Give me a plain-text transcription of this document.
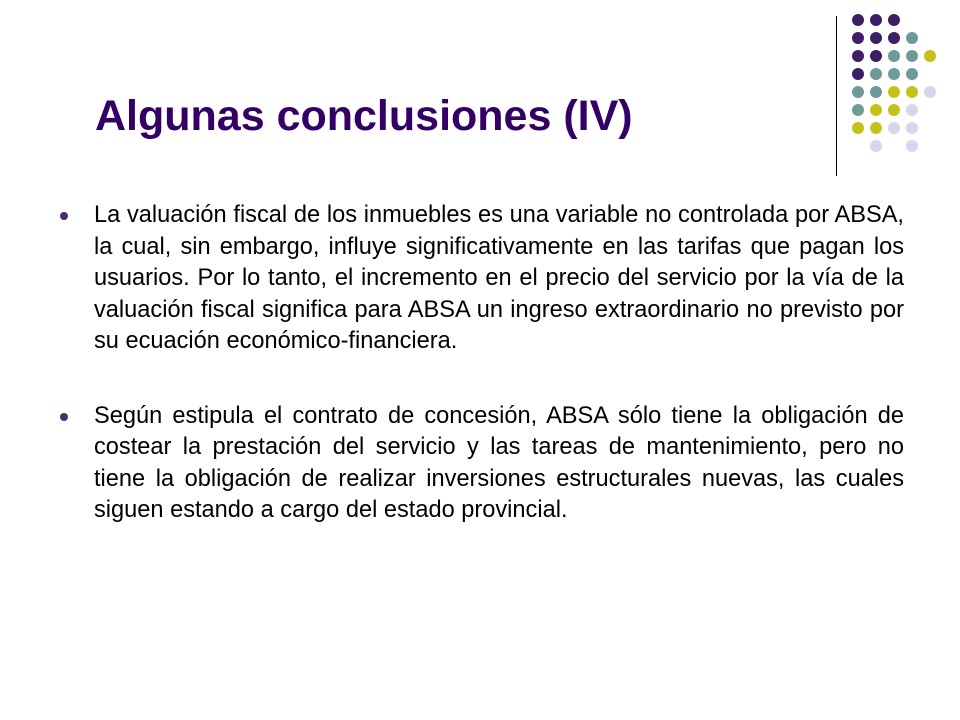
Algunas conclusiones (IV)
La valuación fiscal de los inmuebles es una variable no controlada por ABSA, la cual, sin embargo, influye significativamente en las tarifas que pagan los usuarios. Por lo tanto, el incremento en el precio del servicio por la vía de la valuación fiscal significa para ABSA un ingreso extraordinario no previsto por su ecuación económico-financiera.
Según estipula el contrato de concesión, ABSA sólo tiene la obligación de costear la prestación del servicio y las tareas de mantenimiento, pero no tiene la obligación de realizar inversiones estructurales nuevas, las cuales siguen estando a cargo del estado provincial.
